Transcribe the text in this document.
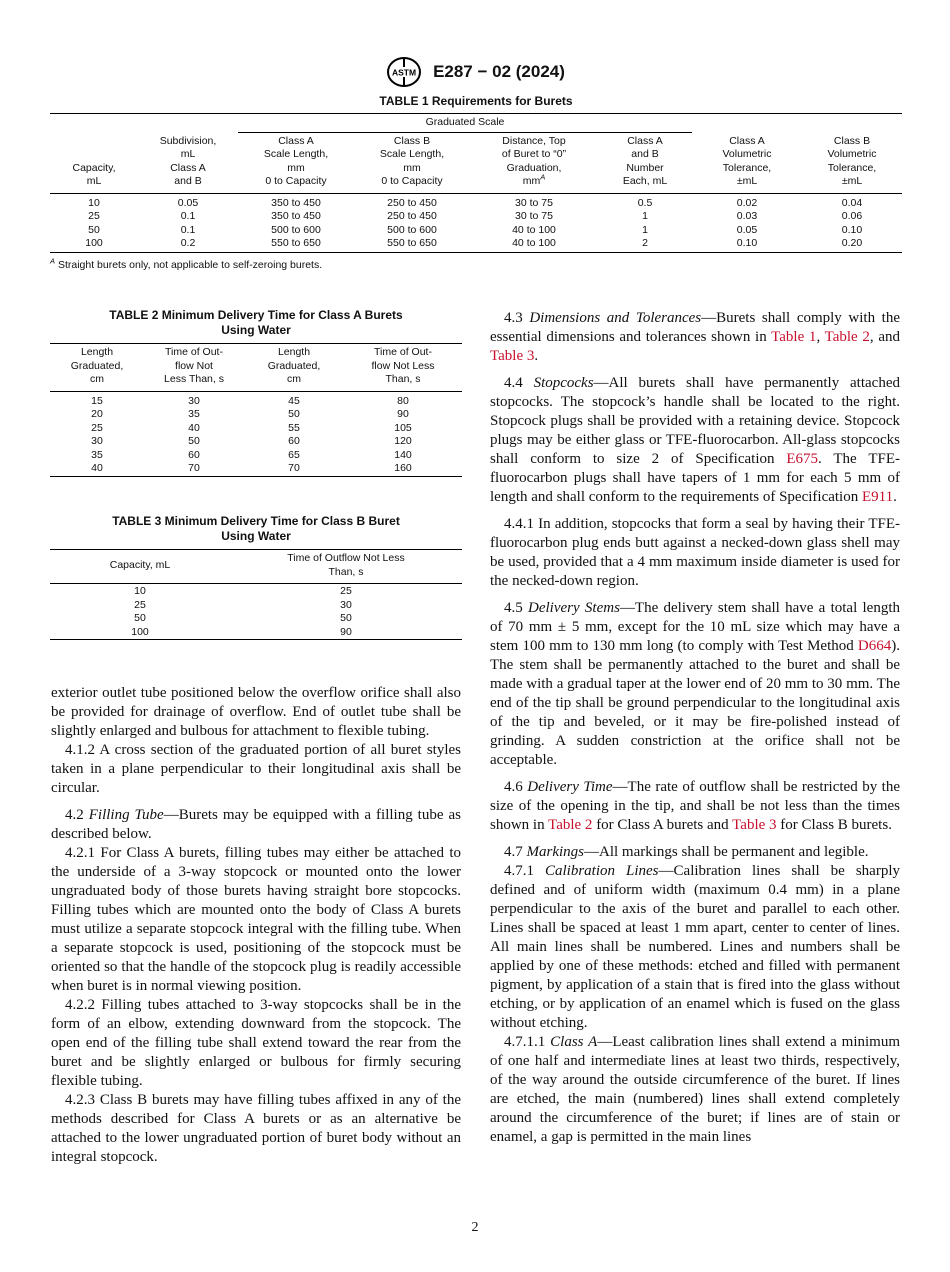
ASTM E287 − 02 (2024)
TABLE 1 Requirements for Burets
		Graduated Scale					
Capacity,
mL	Subdivision,
mL
Class A
and B	Class A
Scale Length,
mm
0 to Capacity	Class B
Scale Length,
mm
0 to Capacity	Distance, Top
of Buret to “0”
Graduation,
$mm^A$	Class A
and B
Number
Each, mL	Class A
Volumetric
Tolerance,
±mL	Class B
Volumetric
Tolerance,
±mL
10	0.05	350 to 450	250 to 450	30 to 75	0.5	0.02	0.04
25	0.1	350 to 450	250 to 450	30 to 75	1	0.03	0.06
50	0.1	500 to 600	500 to 600	40 to 100	1	0.05	0.10
100	0.2	550 to 650	550 to 650	40 to 100	2	0.10	0.20
$^A$ Straight burets only, not applicable to self-zeroing burets.
TABLE 2 Minimum Delivery Time for Class A Burets
Using Water
Length
Graduated,
cm	Time of Out-
flow Not
Less Than, s	Length
Graduated,
cm	Time of Out-
flow Not Less
Than, s
15	30	45	80
20	35	50	90
25	40	55	105
30	50	60	120
35	60	65	140
40	70	70	160
TABLE 3 Minimum Delivery Time for Class B Buret
Using Water
Capacity, mL	Time of Outflow Not Less
Than, s
10	25
25	30
50	50
100	90

exterior outlet tube positioned below the overflow orifice shall also be provided for drainage of overflow. End of outlet tube shall be slightly enlarged and bulbous for attachment to flexible tubing.

4.1.2 A cross section of the graduated portion of all buret styles taken in a plane perpendicular to their longitudinal axis shall be circular.

4.2 Filling Tube—Burets may be equipped with a filling tube as described below.

4.2.1 For Class A burets, filling tubes may either be attached to the underside of a 3-way stopcock or mounted onto the lower ungraduated body of those burets having straight bore stopcocks. Filling tubes which are mounted onto the body of Class A burets must utilize a separate stopcock integral with the filling tube. When a separate stopcock is used, positioning of the stopcock must be oriented so that the handle of the stopcock plug is readily accessible when buret is in normal viewing position.

4.2.2 Filling tubes attached to 3-way stopcocks shall be in the form of an elbow, extending downward from the stopcock. The open end of the filling tube shall extend toward the rear from the buret and be slightly enlarged or bulbous for firmly securing flexible tubing.

4.2.3 Class B burets may have filling tubes affixed in any of the methods described for Class A burets or as an alternative be attached to the lower ungraduated portion of buret body without an integral stopcock.

4.3 Dimensions and Tolerances—Burets shall comply with the essential dimensions and tolerances shown in Table 1, Table 2, and Table 3.

4.4 Stopcocks—All burets shall have permanently attached stopcocks. The stopcock’s handle shall be located to the right. Stopcock plugs shall be provided with a retaining device. Stopcock plugs may be either glass or TFE-fluorocarbon. All-glass stopcocks shall conform to size 2 of Specification E675. The TFE-fluorocarbon plugs shall have tapers of 1 mm for each 5 mm of length and shall conform to the requirements of Specification E911.

4.4.1 In addition, stopcocks that form a seal by having their TFE-fluorocarbon plug ends butt against a necked-down glass shell may be used, provided that a 4 mm maximum inside diameter is used for the necked-down region.

4.5 Delivery Stems—The delivery stem shall have a total length of 70 mm ± 5 mm, except for the 10 mL size which may have a stem 100 mm to 130 mm long (to comply with Test Method D664). The stem shall be permanently attached to the buret and shall be made with a gradual taper at the lower end of 20 mm to 30 mm. The end of the tip shall be ground perpendicular to the longitudinal axis of the tip and beveled, or it may be fire-polished instead of grinding. A sudden constriction at the orifice shall not be acceptable.

4.6 Delivery Time—The rate of outflow shall be restricted by the size of the opening in the tip, and shall be not less than the times shown in Table 2 for Class A burets and Table 3 for Class B burets.

4.7 Markings—All markings shall be permanent and legible.

4.7.1 Calibration Lines—Calibration lines shall be sharply defined and of uniform width (maximum 0.4 mm) in a plane perpendicular to the axis of the buret and parallel to each other. Lines shall be spaced at least 1 mm apart, center to center of lines. All main lines shall be numbered. Lines and numbers shall be applied by one of these methods: etched and filled with permanent pigment, by application of a stain that is fired into the glass without etching, or by application of an enamel which is fused on the glass without etching.

4.7.1.1 Class A—Least calibration lines shall extend a minimum of one half and intermediate lines at least two thirds, respectively, of the way around the outside circumference of the buret. If lines are etched, the main (numbered) lines shall extend completely around the circumference of the buret; if lines are of stain or enamel, a gap is permitted in the main lines

2
